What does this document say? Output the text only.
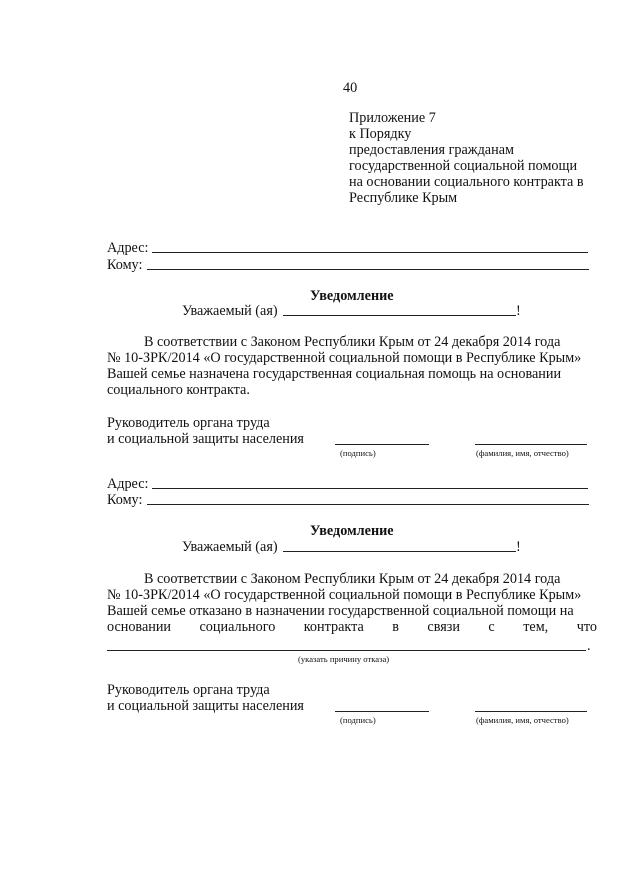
40
Приложение 7
к Порядку
предоставления гражданам
государственной социальной помощи
на основании социального контракта в
Республике Крым
Адрес:
Кому:
Уведомление
Уважаемый (ая)	!
В соответствии с Законом Республики Крым от 24 декабря 2014 года
№ 10-ЗРК/2014 «О государственной социальной помощи в Республике Крым»
Вашей семье назначена государственная социальная помощь на основании
социального контракта.
Руководитель органа труда
и социальной защиты населения
(подпись)	(фамилия, имя, отчество)
Адрес:
Кому:
Уведомление
Уважаемый (ая)	!
В соответствии с Законом Республики Крым от 24 декабря 2014 года
№ 10-ЗРК/2014 «О государственной социальной помощи в Республике Крым»
Вашей семье отказано в назначении государственной социальной помощи на
основании социального контракта в связи с тем, что
.
(указать причину отказа)
Руководитель органа труда
и социальной защиты населения
(подпись)	(фамилия, имя, отчество)
